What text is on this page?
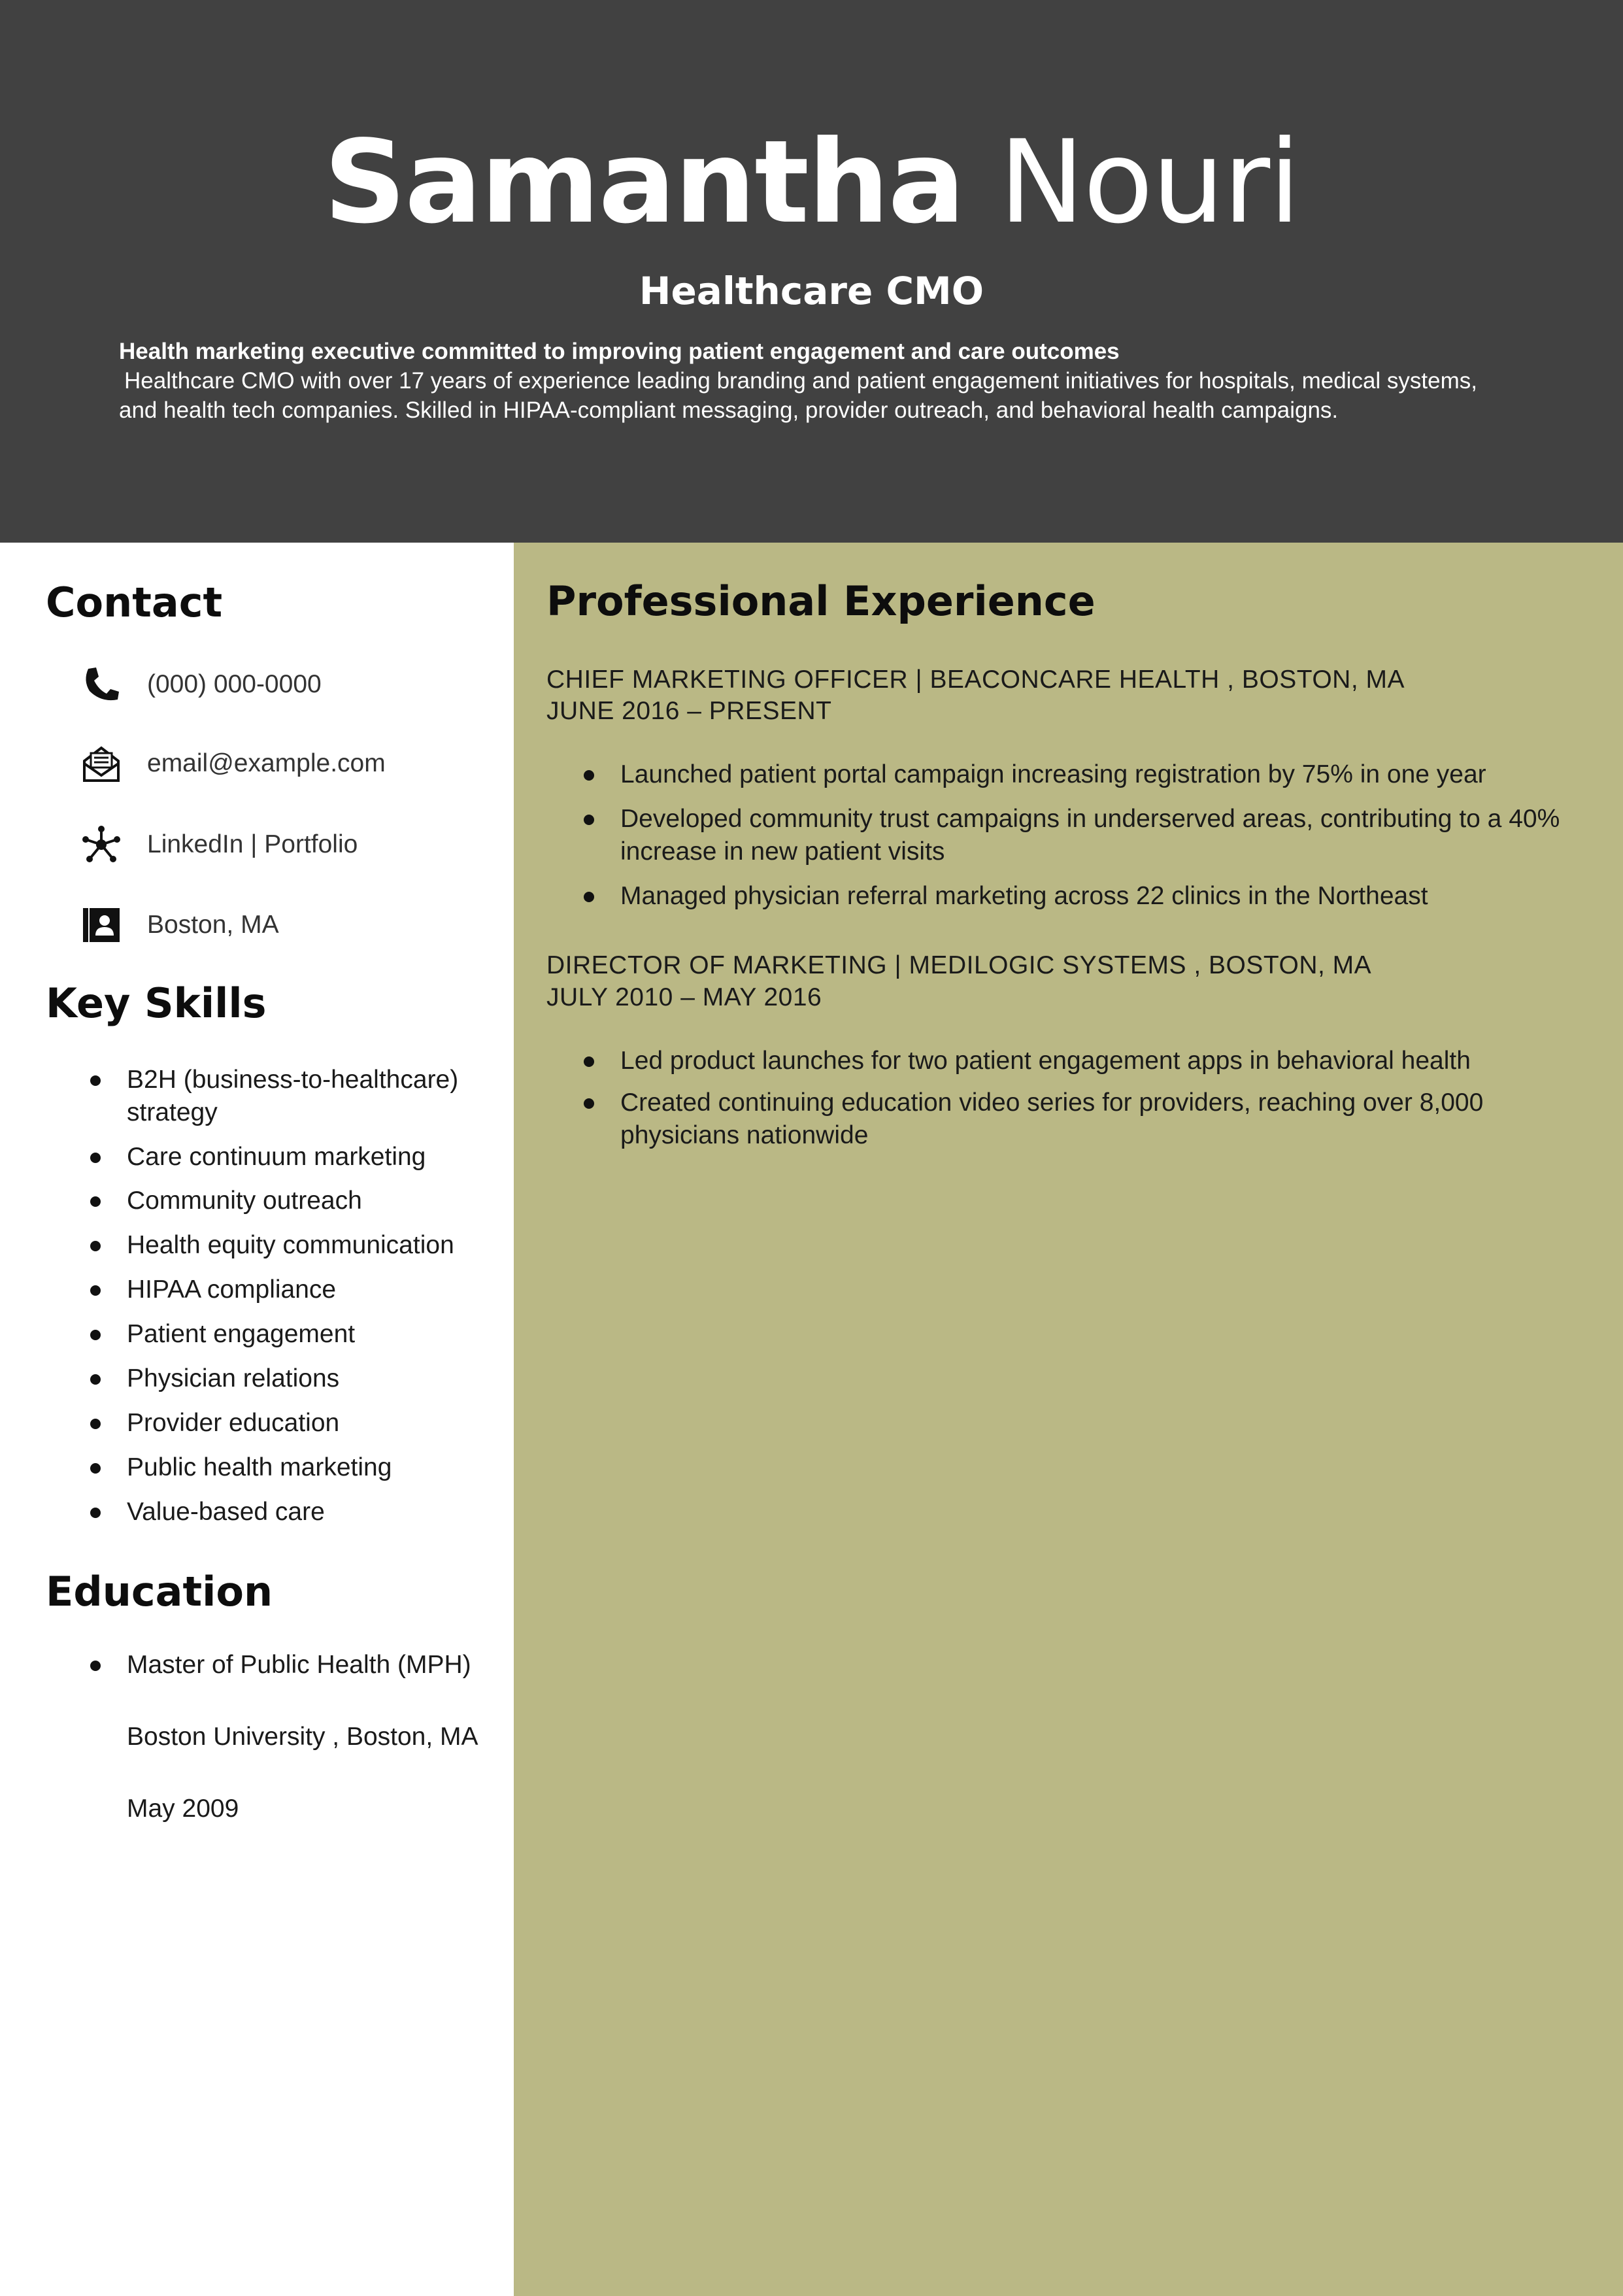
Samantha Nouri
Healthcare CMO
Health marketing executive committed to improving patient engagement and care outcomes
Healthcare CMO with over 17 years of experience leading branding and patient engagement initiatives for hospitals, medical systems, and health tech companies. Skilled in HIPAA-compliant messaging, provider outreach, and behavioral health campaigns.
Contact
(000) 000-0000
email@example.com
LinkedIn | Portfolio
Boston, MA
Key Skills
B2H (business-to-healthcare) strategy
Care continuum marketing
Community outreach
Health equity communication
HIPAA compliance
Patient engagement
Physician relations
Provider education
Public health marketing
Value-based care
Education
Master of Public Health (MPH)
Boston University , Boston, MA
May 2009
Professional Experience
CHIEF MARKETING OFFICER | BEACONCARE HEALTH , BOSTON, MA
JUNE 2016 – PRESENT
Launched patient portal campaign increasing registration by 75% in one year
Developed community trust campaigns in underserved areas, contributing to a 40% increase in new patient visits
Managed physician referral marketing across 22 clinics in the Northeast
DIRECTOR OF MARKETING | MEDILOGIC SYSTEMS , BOSTON, MA
JULY 2010 – MAY 2016
Led product launches for two patient engagement apps in behavioral health
Created continuing education video series for providers, reaching over 8,000 physicians nationwide
